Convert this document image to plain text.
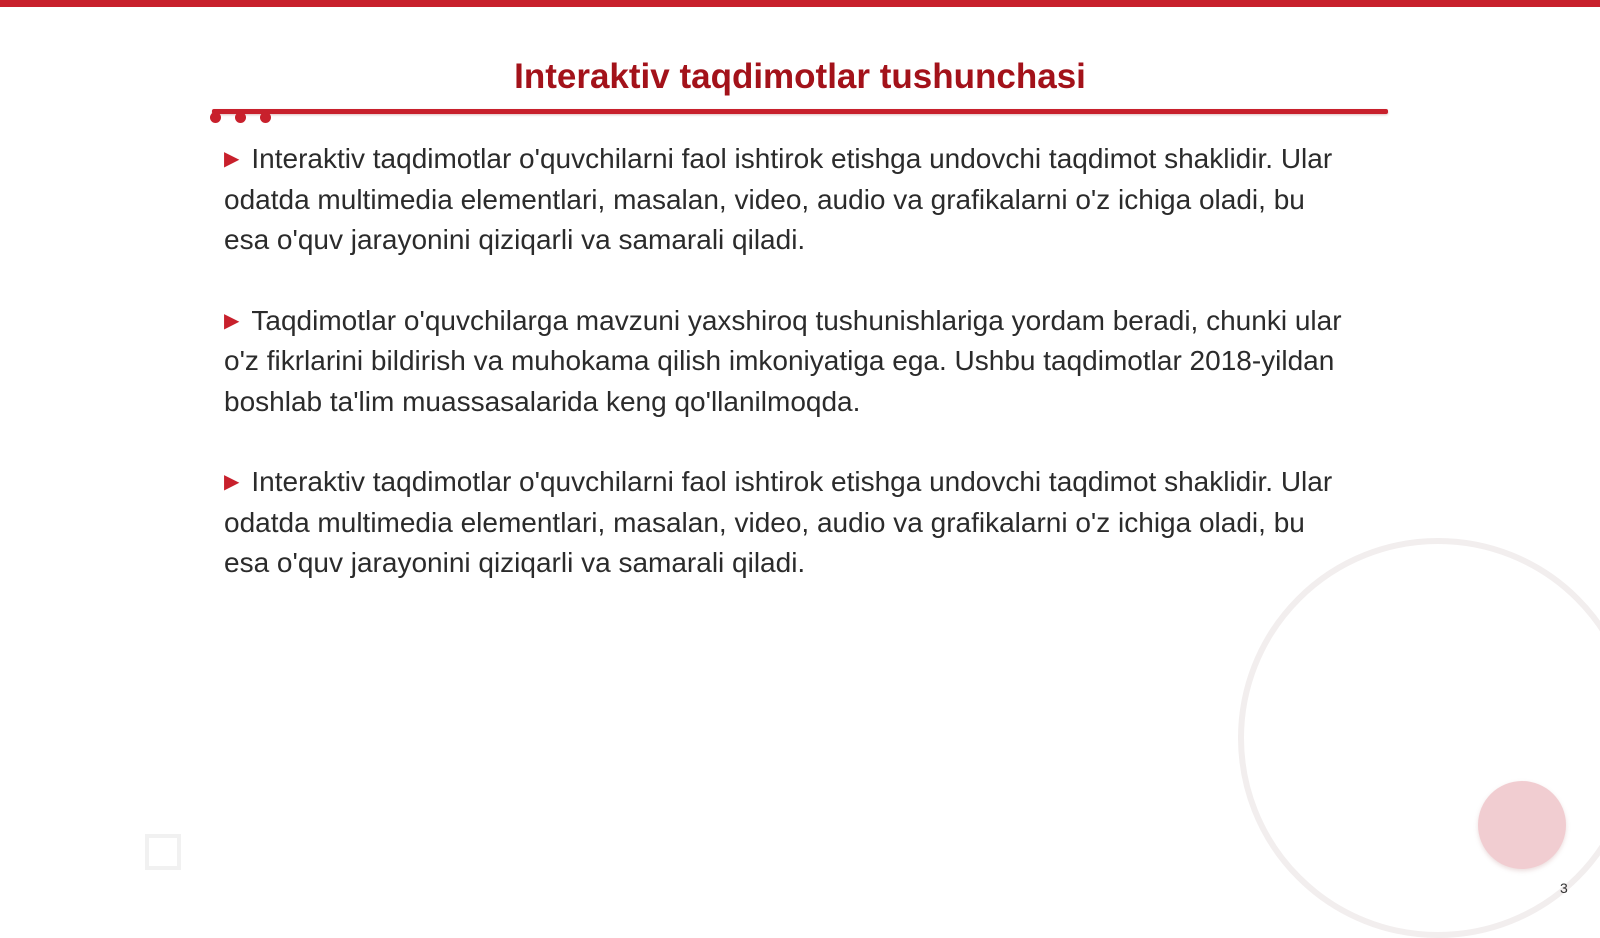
Interaktiv taqdimotlar tushunchasi

▶ Interaktiv taqdimotlar o'quvchilarni faol ishtirok etishga undovchi taqdimot shaklidir. Ular odatda multimedia elementlari, masalan, video, audio va grafikalarni o'z ichiga oladi, bu esa o'quv jarayonini qiziqarli va samarali qiladi.

▶ Taqdimotlar o'quvchilarga mavzuni yaxshiroq tushunishlariga yordam beradi, chunki ular o'z fikrlarini bildirish va muhokama qilish imkoniyatiga ega. Ushbu taqdimotlar 2018-yildan boshlab ta'lim muassasalarida keng qo'llanilmoqda.

▶ Interaktiv taqdimotlar o'quvchilarni faol ishtirok etishga undovchi taqdimot shaklidir. Ular odatda multimedia elementlari, masalan, video, audio va grafikalarni o'z ichiga oladi, bu esa o'quv jarayonini qiziqarli va samarali qiladi.

3
